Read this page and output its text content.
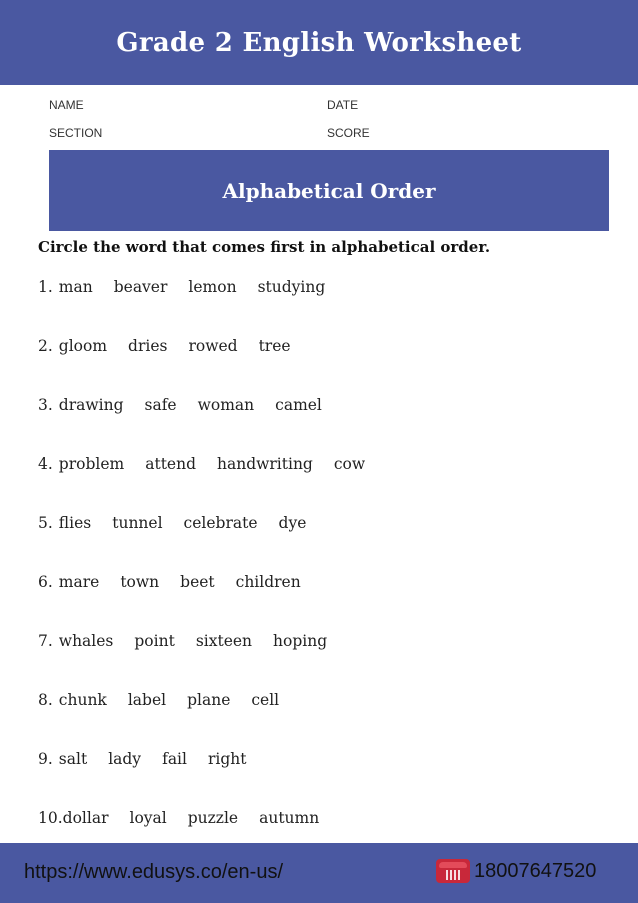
Grade 2 English Worksheet
NAME	DATE
SECTION	SCORE
Alphabetical Order
Circle the word that comes first in alphabetical order.
1. man beaver lemon studying
2. gloom dries rowed tree
3. drawing safe woman camel
4. problem attend handwriting cow
5. flies tunnel celebrate dye
6. mare town beet children
7. whales point sixteen hoping
8. chunk label plane cell
9. salt lady fail right
10. dollar loyal puzzle autumn
https://www.edusys.co/en-us/	18007647520
